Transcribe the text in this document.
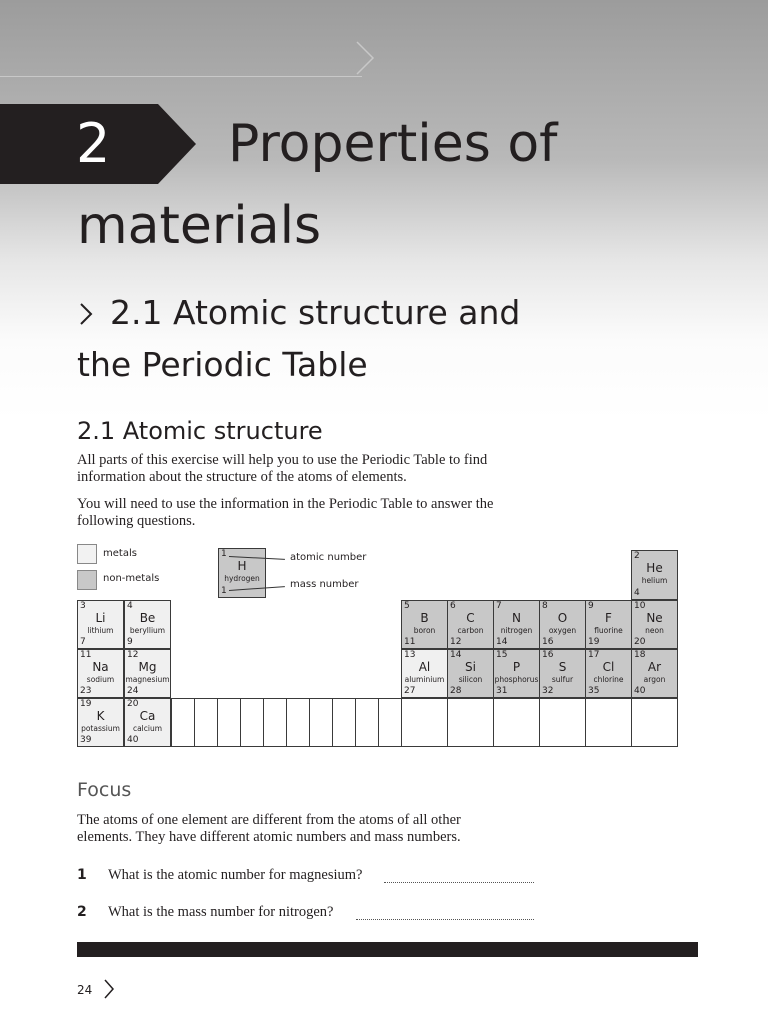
2 Properties of
materials
2.1 Atomic structure and
the Periodic Table
2.1 Atomic structure
All parts of this exercise will help you to use the Periodic Table to find information about the structure of the atoms of elements.
You will need to use the information in the Periodic Table to answer the following questions.
metals
non-metals
1
H
hydrogen
1
atomic number
mass number
2
He
helium
4
3
Li
lithium
7
4
Be
beryllium
9
5
B
boron
11
6
C
carbon
12
7
N
nitrogen
14
8
O
oxygen
16
9
F
fluorine
19
10
Ne
neon
20
11
Na
sodium
23
12
Mg
magnesium
24
13
Al
aluminium
27
14
Si
silicon
28
15
P
phosphorus
31
16
S
sulfur
32
17
Cl
chlorine
35
18
Ar
argon
40
19
K
potassium
39
20
Ca
calcium
40
Focus
The atoms of one element are different from the atoms of all other elements. They have different atomic numbers and mass numbers.
1 What is the atomic number for magnesium?
2 What is the mass number for nitrogen?
24
